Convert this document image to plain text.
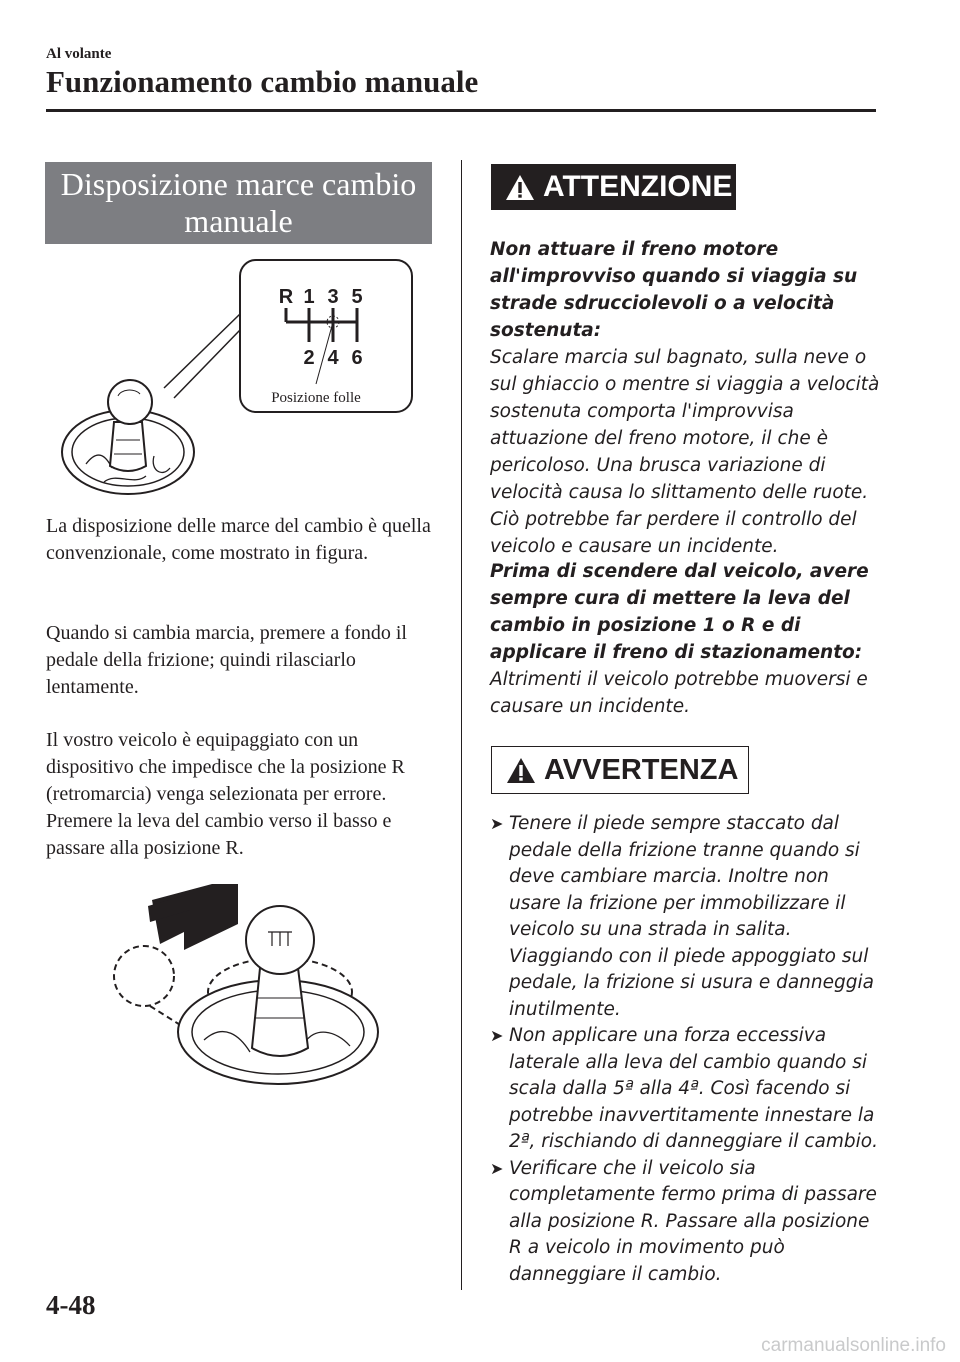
Al volante
Funzionamento cambio manuale
Disposizione marce cambio
manuale
R 1 3 5
2 4 6
Posizione folle

La disposizione delle marce del cambio è quella convenzionale, come mostrato in figura.

Quando si cambia marcia, premere a fondo il pedale della frizione; quindi rilasciarlo lentamente.

Il vostro veicolo è equipaggiato con un dispositivo che impedisce che la posizione R (retromarcia) venga selezionata per errore. Premere la leva del cambio verso il basso e passare alla posizione R.

ATTENZIONE
Non attuare il freno motore all'improvviso quando si viaggia su strade sdrucciolevoli o a velocità sostenuta:
Scalare marcia sul bagnato, sulla neve o sul ghiaccio o mentre si viaggia a velocità sostenuta comporta l'improvvisa attuazione del freno motore, il che è pericoloso. Una brusca variazione di velocità causa lo slittamento delle ruote. Ciò potrebbe far perdere il controllo del veicolo e causare un incidente.
Prima di scendere dal veicolo, avere sempre cura di mettere la leva del cambio in posizione 1 o R e di applicare il freno di stazionamento:
Altrimenti il veicolo potrebbe muoversi e causare un incidente.
AVVERTENZA
➤ Tenere il piede sempre staccato dal pedale della frizione tranne quando si deve cambiare marcia. Inoltre non usare la frizione per immobilizzare il veicolo su una strada in salita. Viaggiando con il piede appoggiato sul pedale, la frizione si usura e danneggia inutilmente.
➤ Non applicare una forza eccessiva laterale alla leva del cambio quando si scala dalla 5ª alla 4ª. Così facendo si potrebbe inavvertitamente innestare la 2ª, rischiando di danneggiare il cambio.
➤ Verificare che il veicolo sia completamente fermo prima di passare alla posizione R. Passare alla posizione R a veicolo in movimento può danneggiare il cambio.
4-48
carmanualsonline.info
